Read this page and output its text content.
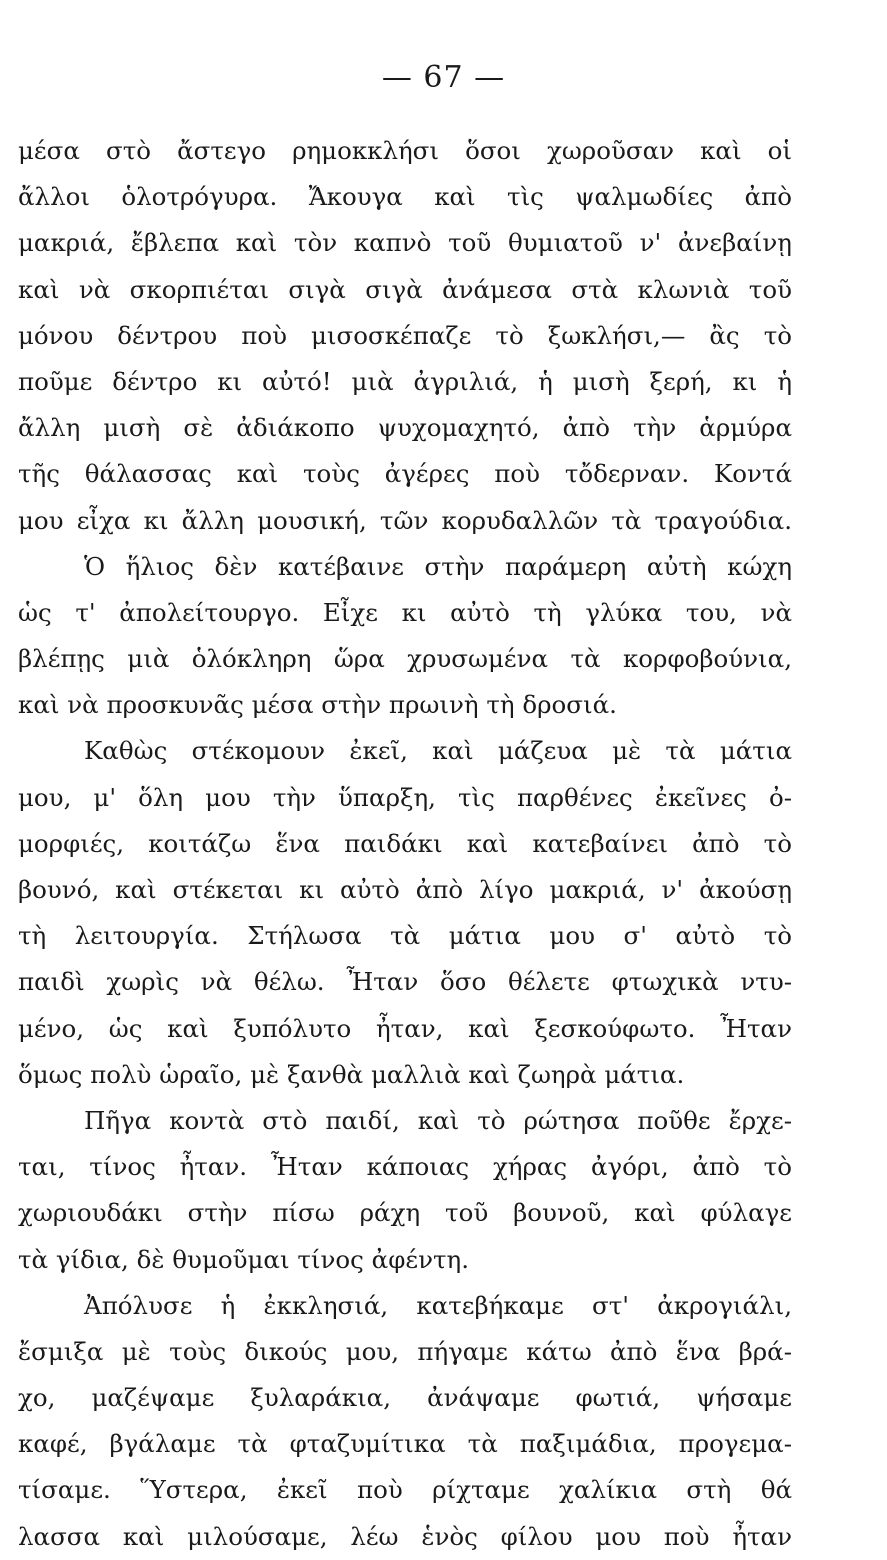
— 67 —
μέσα στὸ ἄστεγο ρημοκκλήσι ὅσοι χωροῦσαν καὶ οἱ
ἄλλοι ὁλοτρόγυρα. Ἄκουγα καὶ τὶς ψαλμωδίες ἀπὸ
μακριά, ἔβλεπα καὶ τὸν καπνὸ τοῦ θυμιατοῦ ν' ἀνεβαίνῃ
καὶ νὰ σκορπιέται σιγὰ σιγὰ ἀνάμεσα στὰ κλωνιὰ τοῦ
μόνου δέντρου ποὺ μισοσκέπαζε τὸ ξωκλήσι,— ἂς τὸ
ποῦμε δέντρο κι αὐτό! μιὰ ἀγριλιά, ἡ μισὴ ξερή, κι ἡ
ἄλλη μισὴ σὲ ἀδιάκοπο ψυχομαχητό, ἀπὸ τὴν ἁρμύρα
τῆς θάλασσας καὶ τοὺς ἀγέρες ποὺ τὄδερναν. Κοντά
μου εἶχα κι ἄλλη μουσική, τῶν κορυδαλλῶν τὰ τραγούδια.
Ὁ ἥλιος δὲν κατέβαινε στὴν παράμερη αὐτὴ κώχη
ὡς τ' ἀπολείτουργο. Εἶχε κι αὐτὸ τὴ γλύκα του, νὰ
βλέπῃς μιὰ ὁλόκληρη ὥρα χρυσωμένα τὰ κορφοβούνια,
καὶ νὰ προσκυνᾶς μέσα στὴν πρωινὴ τὴ δροσιά.
Καθὼς στέκομουν ἐκεῖ, καὶ μάζευα μὲ τὰ μάτια
μου, μ' ὅλη μου τὴν ὕπαρξη, τὶς παρθένες ἐκεῖνες ὀ-
μορφιές, κοιτάζω ἕνα παιδάκι καὶ κατεβαίνει ἀπὸ τὸ
βουνό, καὶ στέκεται κι αὐτὸ ἀπὸ λίγο μακριά, ν' ἀκούσῃ
τὴ λειτουργία. Στήλωσα τὰ μάτια μου σ' αὐτὸ τὸ
παιδὶ χωρὶς νὰ θέλω. Ἦταν ὅσο θέλετε φτωχικὰ ντυ-
μένο, ὡς καὶ ξυπόλυτο ἦταν, καὶ ξεσκούφωτο. Ἦταν
ὅμως πολὺ ὡραῖο, μὲ ξανθὰ μαλλιὰ καὶ ζωηρὰ μάτια.
Πῆγα κοντὰ στὸ παιδί, καὶ τὸ ρώτησα ποῦθε ἔρχε-
ται, τίνος ἦταν. Ἦταν κάποιας χήρας ἀγόρι, ἀπὸ τὸ
χωριουδάκι στὴν πίσω ράχη τοῦ βουνοῦ, καὶ φύλαγε
τὰ γίδια, δὲ θυμοῦμαι τίνος ἀφέντη.
Ἀπόλυσε ἡ ἐκκλησιά, κατεβήκαμε στ' ἀκρογιάλι,
ἔσμιξα μὲ τοὺς δικούς μου, πήγαμε κάτω ἀπὸ ἕνα βρά-
χο, μαζέψαμε ξυλαράκια, ἀνάψαμε φωτιά, ψήσαμε
καφέ, βγάλαμε τὰ φταζυμίτικα τὰ παξιμάδια, προγεμα-
τίσαμε. Ὕστερα, ἐκεῖ ποὺ ρίχταμε χαλίκια στὴ θά
λασσα καὶ μιλούσαμε, λέω ἑνὸς φίλου μου ποὺ ἦταν
